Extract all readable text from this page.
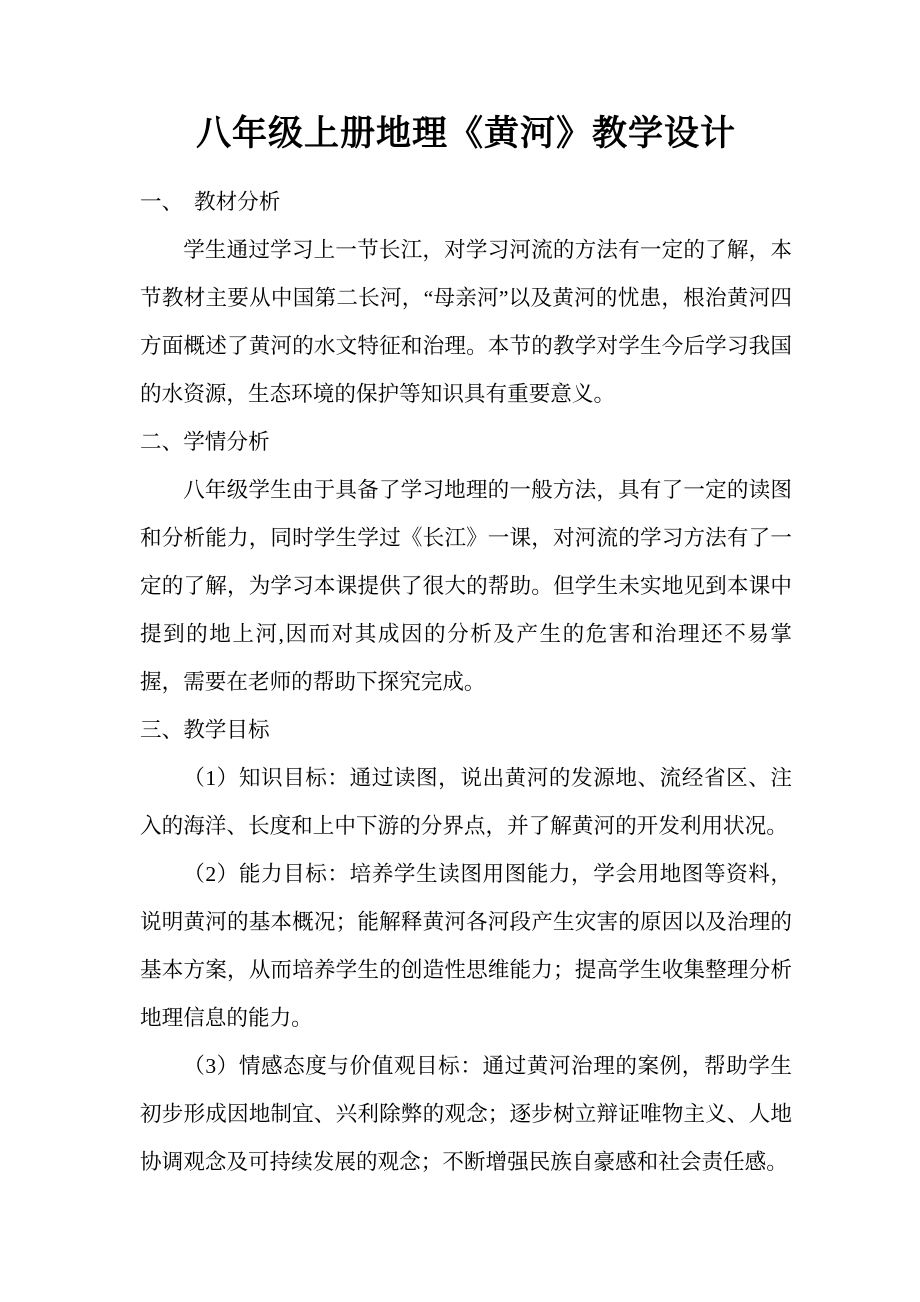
八年级上册地理《黄河》教学设计
一、　教材分析

学生通过学习上一节长江，对学习河流的方法有一定的了解，本节教材主要从中国第二长河，“母亲河”以及黄河的忧患，根治黄河四方面概述了黄河的水文特征和治理。本节的教学对学生今后学习我国的水资源，生态环境的保护等知识具有重要意义。

二、学情分析

八年级学生由于具备了学习地理的一般方法，具有了一定的读图和分析能力，同时学生学过《长江》一课，对河流的学习方法有了一定的了解，为学习本课提供了很大的帮助。但学生未实地见到本课中提到的地上河,因而对其成因的分析及产生的危害和治理还不易掌握，需要在老师的帮助下探究完成。

三、教学目标

（1）知识目标：通过读图，说出黄河的发源地、流经省区、注入的海洋、长度和上中下游的分界点，并了解黄河的开发利用状况。

（2）能力目标：培养学生读图用图能力，学会用地图等资料，说明黄河的基本概况；能解释黄河各河段产生灾害的原因以及治理的基本方案，从而培养学生的创造性思维能力；提高学生收集整理分析地理信息的能力。

（3）情感态度与价值观目标：通过黄河治理的案例，帮助学生初步形成因地制宜、兴利除弊的观念；逐步树立辩证唯物主义、人地协调观念及可持续发展的观念；不断增强民族自豪感和社会责任感。
